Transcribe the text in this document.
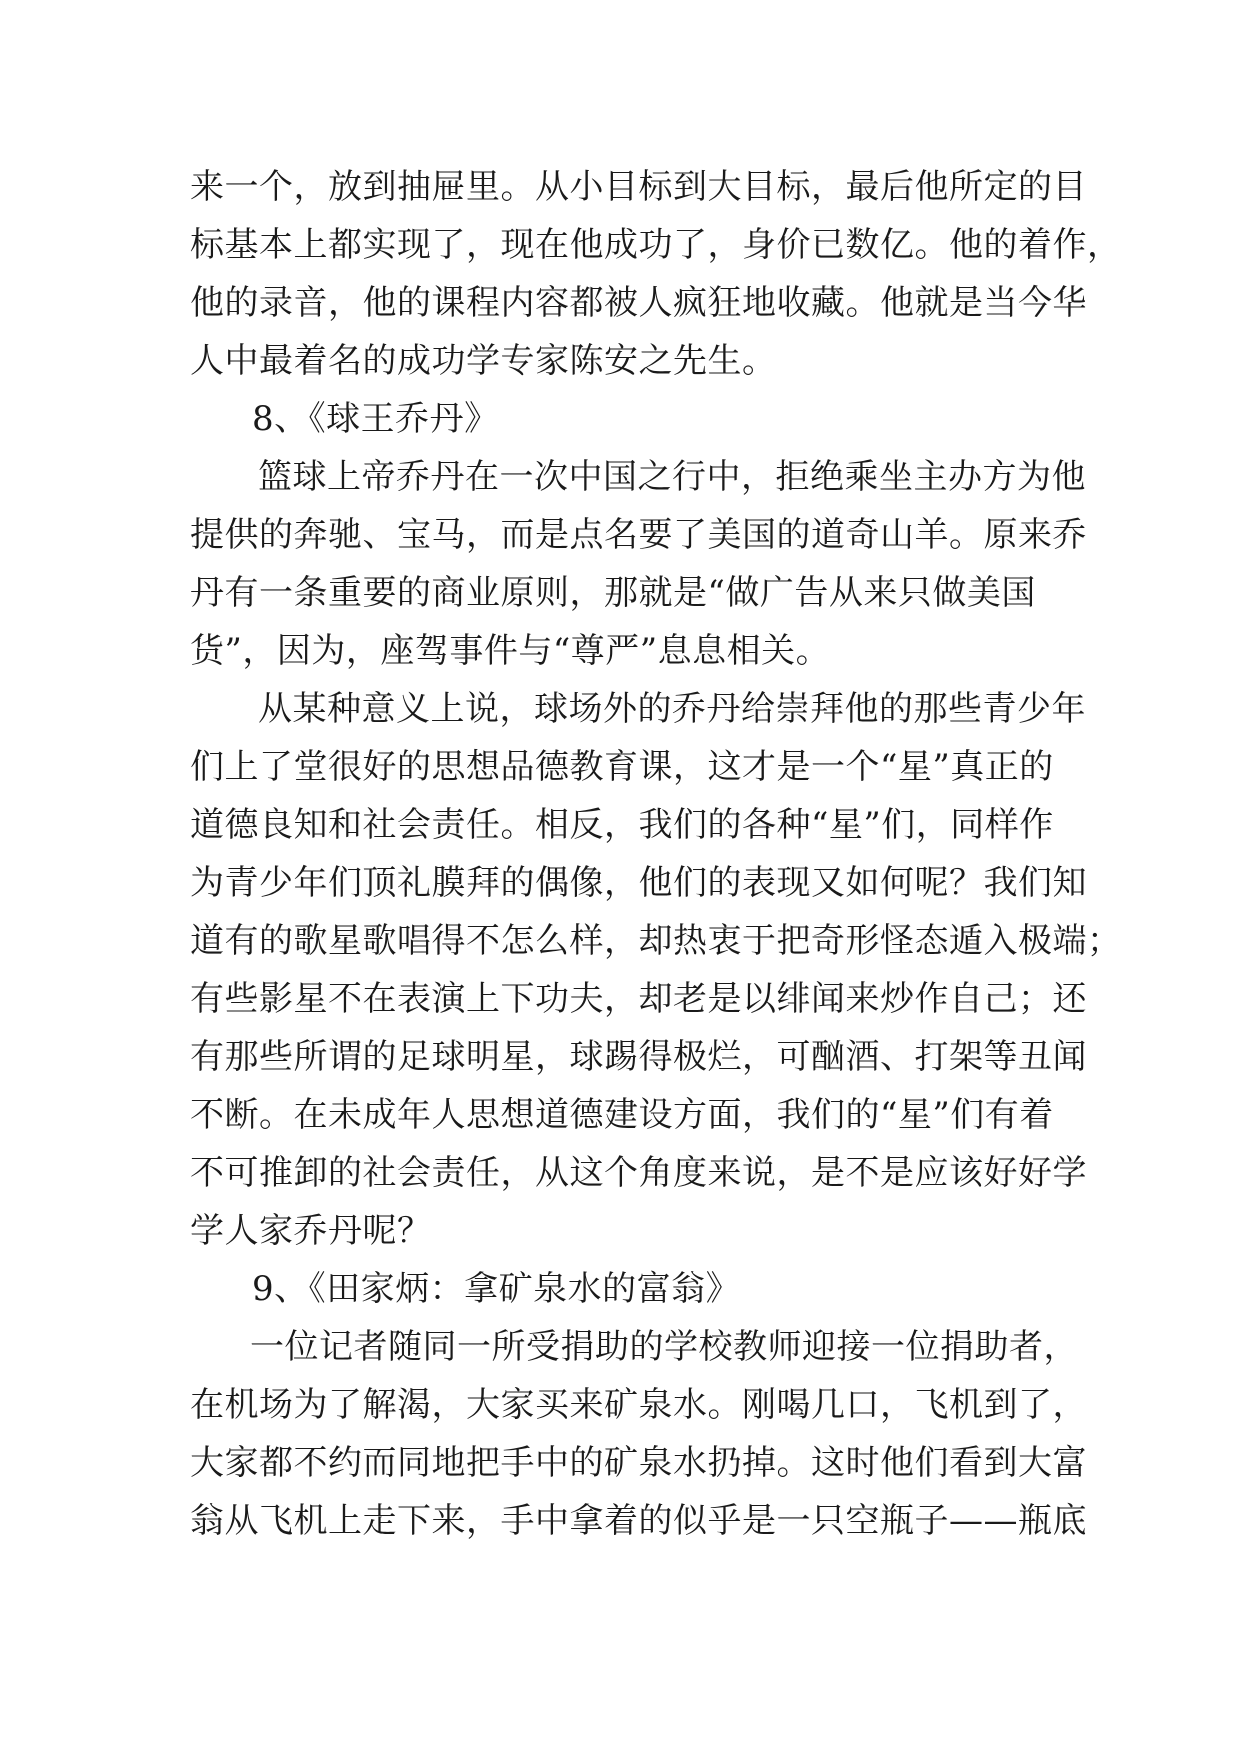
来一个，放到抽屉里。从小目标到大目标，最后他所定的目
标基本上都实现了，现在他成功了，身价已数亿。他的着作，
他的录音，他的课程内容都被人疯狂地收藏。他就是当今华
人中最着名的成功学专家陈安之先生。
8、《球王乔丹》
篮球上帝乔丹在一次中国之行中，拒绝乘坐主办方为他
提供的奔驰、宝马，而是点名要了美国的道奇山羊。原来乔
丹有一条重要的商业原则，那就是“做广告从来只做美国
货”，因为，座驾事件与“尊严”息息相关。
从某种意义上说，球场外的乔丹给崇拜他的那些青少年
们上了堂很好的思想品德教育课，这才是一个“星”真正的
道德良知和社会责任。相反，我们的各种“星”们，同样作
为青少年们顶礼膜拜的偶像，他们的表现又如何呢？我们知
道有的歌星歌唱得不怎么样，却热衷于把奇形怪态遁入极端；
有些影星不在表演上下功夫，却老是以绯闻来炒作自己；还
有那些所谓的足球明星，球踢得极烂，可酗酒、打架等丑闻
不断。在未成年人思想道德建设方面，我们的“星”们有着
不可推卸的社会责任，从这个角度来说，是不是应该好好学
学人家乔丹呢？
9、《田家炳：拿矿泉水的富翁》
一位记者随同一所受捐助的学校教师迎接一位捐助者，
在机场为了解渴，大家买来矿泉水。刚喝几口，飞机到了，
大家都不约而同地把手中的矿泉水扔掉。这时他们看到大富
翁从飞机上走下来，手中拿着的似乎是一只空瓶子——瓶底
